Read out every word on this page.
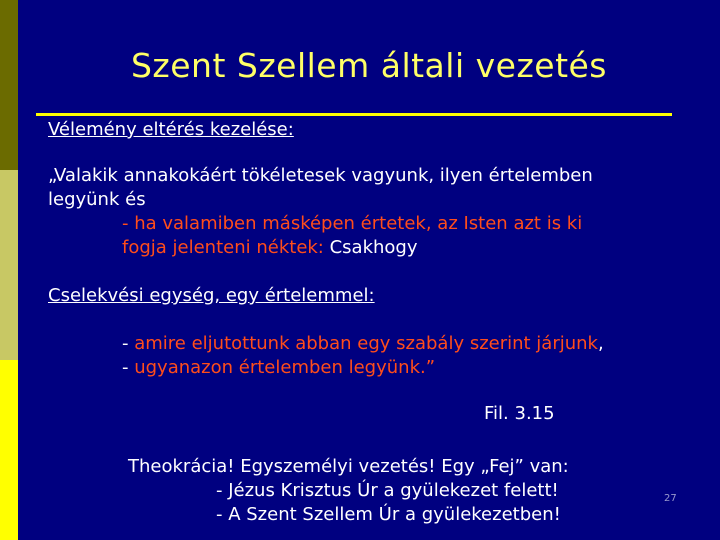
Szent Szellem általi vezetés
Vélemény eltérés kezelése:
„Valakik annakokáért tökéletesek vagyunk, ilyen értelemben
legyünk és
- ha valamiben másképen értetek, az Isten azt is ki
fogja jelenteni néktek: Csakhogy
Cselekvési egység, egy értelemmel:
- amire eljutottunk abban egy szabály szerint járjunk,
- ugyanazon értelemben legyünk.”
Fil. 3.15
Theokrácia! Egyszemélyi vezetés! Egy „Fej” van:
- Jézus Krisztus Úr a gyülekezet felett!
- A Szent Szellem Úr a gyülekezetben!
27
